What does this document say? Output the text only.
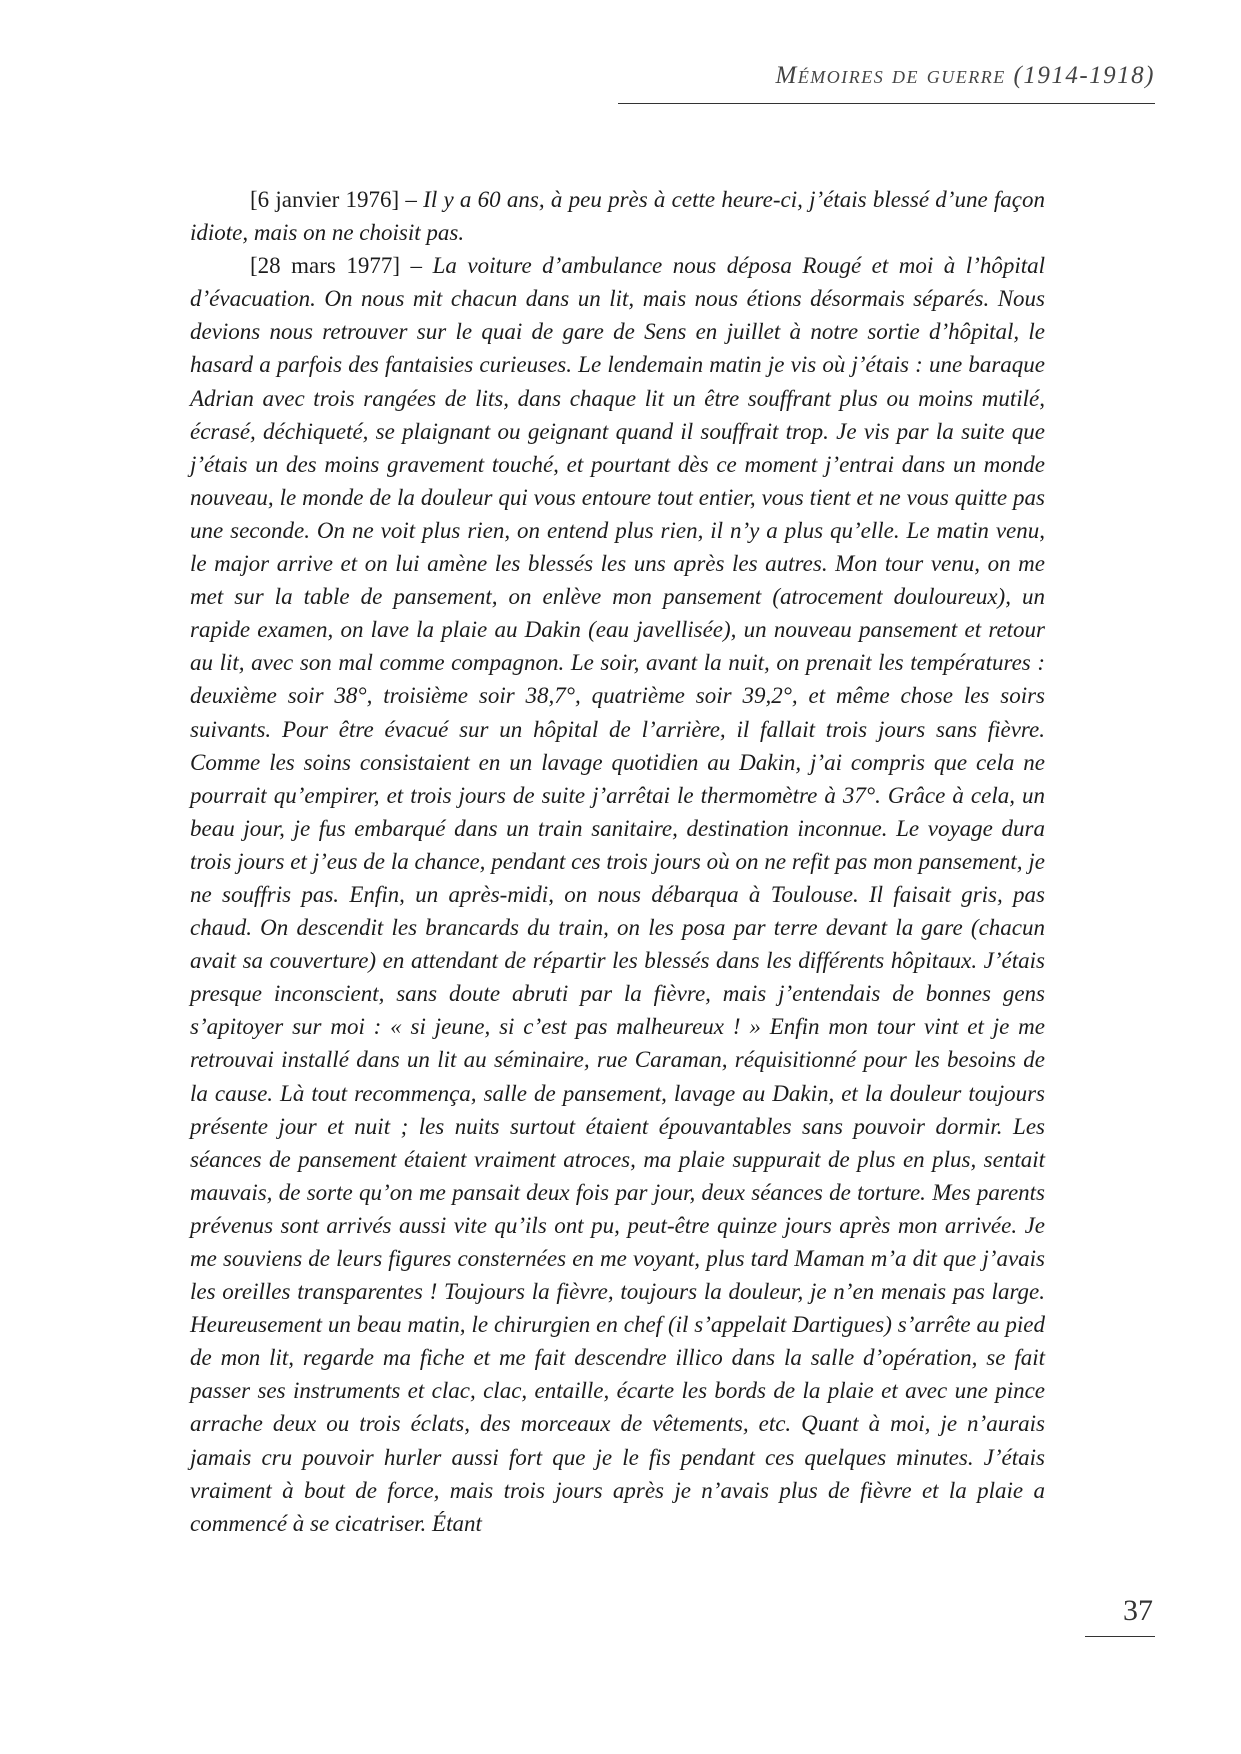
Mémoires de guerre (1914-1918)

[6 janvier 1976] – Il y a 60 ans, à peu près à cette heure-ci, j’étais blessé d’une façon idiote, mais on ne choisit pas.

[28 mars 1977] – La voiture d’ambulance nous déposa Rougé et moi à l’hôpital d’évacuation. On nous mit chacun dans un lit, mais nous étions désormais séparés. Nous devions nous retrouver sur le quai de gare de Sens en juillet à notre sortie d’hôpital, le hasard a parfois des fantaisies curieuses. Le lendemain matin je vis où j’étais : une baraque Adrian avec trois rangées de lits, dans chaque lit un être souffrant plus ou moins mutilé, écrasé, déchiqueté, se plaignant ou geignant quand il souffrait trop. Je vis par la suite que j’étais un des moins gravement touché, et pourtant dès ce moment j’entrai dans un monde nouveau, le monde de la douleur qui vous entoure tout entier, vous tient et ne vous quitte pas une seconde. On ne voit plus rien, on entend plus rien, il n’y a plus qu’elle. Le matin venu, le major arrive et on lui amène les blessés les uns après les autres. Mon tour venu, on me met sur la table de pansement, on enlève mon pansement (atrocement douloureux), un rapide examen, on lave la plaie au Dakin (eau javellisée), un nouveau pansement et retour au lit, avec son mal comme compagnon. Le soir, avant la nuit, on prenait les températures : deuxième soir 38°, troisième soir 38,7°, quatrième soir 39,2°, et même chose les soirs suivants. Pour être évacué sur un hôpital de l’arrière, il fallait trois jours sans fièvre. Comme les soins consistaient en un lavage quotidien au Dakin, j’ai compris que cela ne pourrait qu’empirer, et trois jours de suite j’arrêtai le thermomètre à 37°. Grâce à cela, un beau jour, je fus embarqué dans un train sanitaire, destination inconnue. Le voyage dura trois jours et j’eus de la chance, pendant ces trois jours où on ne refit pas mon pansement, je ne souffris pas. Enfin, un après-midi, on nous débarqua à Toulouse. Il faisait gris, pas chaud. On descendit les brancards du train, on les posa par terre devant la gare (chacun avait sa couverture) en attendant de répartir les blessés dans les différents hôpitaux. J’étais presque inconscient, sans doute abruti par la fièvre, mais j’entendais de bonnes gens s’apitoyer sur moi : « si jeune, si c’est pas malheureux ! » Enfin mon tour vint et je me retrouvai installé dans un lit au séminaire, rue Caraman, réquisitionné pour les besoins de la cause. Là tout recommença, salle de pansement, lavage au Dakin, et la douleur toujours présente jour et nuit ; les nuits surtout étaient épouvantables sans pouvoir dormir. Les séances de pansement étaient vraiment atroces, ma plaie suppurait de plus en plus, sentait mauvais, de sorte qu’on me pansait deux fois par jour, deux séances de torture. Mes parents prévenus sont arrivés aussi vite qu’ils ont pu, peut-être quinze jours après mon arrivée. Je me souviens de leurs figures consternées en me voyant, plus tard Maman m’a dit que j’avais les oreilles transparentes ! Toujours la fièvre, toujours la douleur, je n’en menais pas large. Heureusement un beau matin, le chirurgien en chef (il s’appelait Dartigues) s’arrête au pied de mon lit, regarde ma fiche et me fait descendre illico dans la salle d’opération, se fait passer ses instruments et clac, clac, entaille, écarte les bords de la plaie et avec une pince arrache deux ou trois éclats, des morceaux de vêtements, etc. Quant à moi, je n’aurais jamais cru pouvoir hurler aussi fort que je le fis pendant ces quelques minutes. J’étais vraiment à bout de force, mais trois jours après je n’avais plus de fièvre et la plaie a commencé à se cicatriser. Étant

37
